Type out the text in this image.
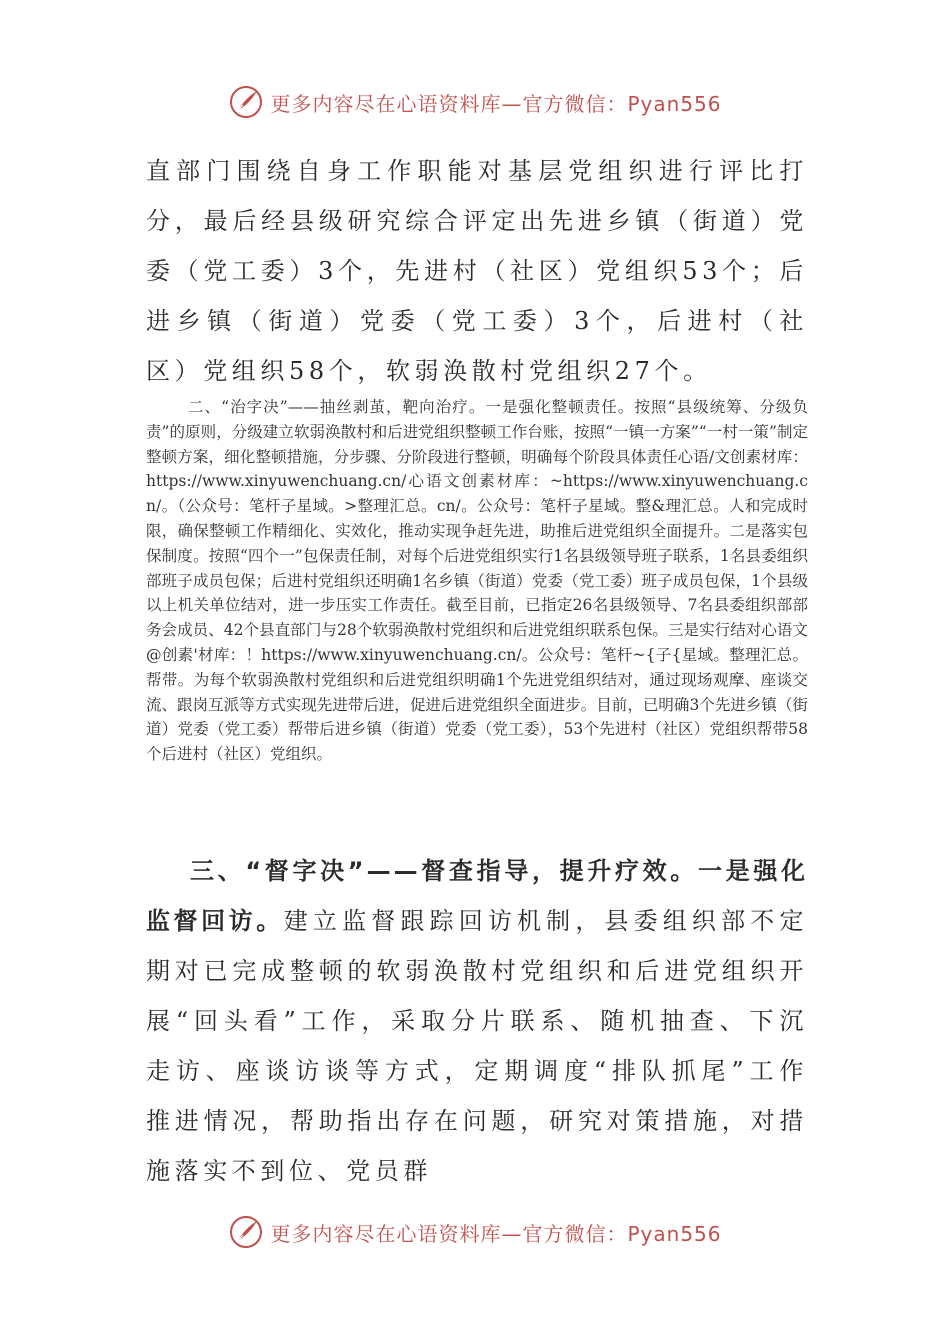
更多内容尽在心语资料库—官方微信：Pyan556

直部门围绕自身工作职能对基层党组织进行评比打分，最后经县级研究综合评定出先进乡镇（街道）党委（党工委）3个，先进村（社区）党组织53个；后进乡镇（街道）党委（党工委）3个，后进村（社区）党组织58个，软弱涣散村党组织27个。

二、“治字决”——抽丝剥茧，靶向治疗。一是强化整顿责任。按照“县级统筹、分级负责”的原则，分级建立软弱涣散村和后进党组织整顿工作台账，按照“一镇一方案”“一村一策”制定整顿方案，细化整顿措施，分步骤、分阶段进行整顿，明确每个阶段具体责任心语/文创素材库：https://www.xinyuwenchuang.cn/心语文创素材库：~https://www.xinyuwenchuang.cn/。（公众号：笔杆子星域。>整理汇总。cn/。公众号：笔杆子星域。整&理汇总。人和完成时限，确保整顿工作精细化、实效化，推动实现争赶先进，助推后进党组织全面提升。二是落实包保制度。按照“四个一”包保责任制，对每个后进党组织实行1名县级领导班子联系，1名县委组织部班子成员包保；后进村党组织还明确1名乡镇（街道）党委（党工委）班子成员包保，1个县级以上机关单位结对，进一步压实工作责任。截至目前，已指定26名县级领导、7名县委组织部部务会成员、42个县直部门与28个软弱涣散村党组织和后进党组织联系包保。三是实行结对心语文@创素'材库：！https://www.xinyuwenchuang.cn/。公众号：笔杆~{子{星域。整理汇总。帮带。为每个软弱涣散村党组织和后进党组织明确1个先进党组织结对，通过现场观摩、座谈交流、跟岗互派等方式实现先进带后进，促进后进党组织全面进步。目前，已明确3个先进乡镇（街道）党委（党工委）帮带后进乡镇（街道）党委（党工委），53个先进村（社区）党组织帮带58个后进村（社区）党组织。

三、“督字决”——督查指导，提升疗效。一是强化监督回访。建立监督跟踪回访机制，县委组织部不定期对已完成整顿的软弱涣散村党组织和后进党组织开展“回头看”工作，采取分片联系、随机抽查、下沉走访、座谈访谈等方式，定期调度“排队抓尾”工作推进情况，帮助指出存在问题，研究对策措施，对措施落实不到位、党员群

更多内容尽在心语资料库—官方微信：Pyan556
